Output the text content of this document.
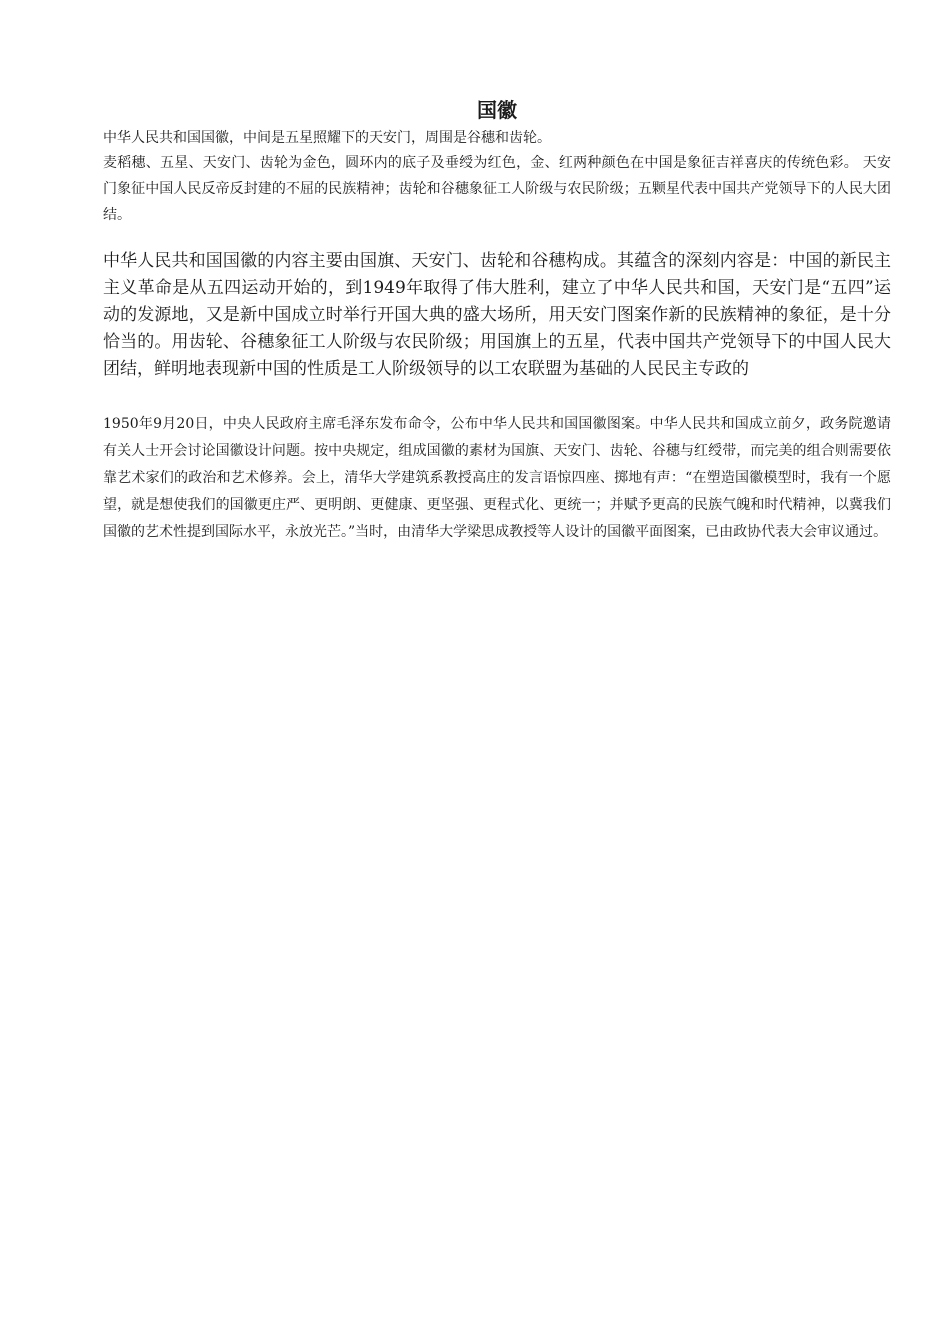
国徽

中华人民共和国国徽，中间是五星照耀下的天安门，周围是谷穗和齿轮。

麦稻穗、五星、天安门、齿轮为金色，圆环内的底子及垂绶为红色，金、红两种颜色在中国是象征吉祥喜庆的传统色彩。 天安门象征中国人民反帝反封建的不屈的民族精神；齿轮和谷穗象征工人阶级与农民阶级；五颗星代表中国共产党领导下的人民大团结。

中华人民共和国国徽的内容主要由国旗、天安门、齿轮和谷穗构成。其蕴含的深刻内容是：中国的新民主主义革命是从五四运动开始的，到1949年取得了伟大胜利，建立了中华人民共和国，天安门是“五四”运动的发源地，又是新中国成立时举行开国大典的盛大场所，用天安门图案作新的民族精神的象征，是十分恰当的。用齿轮、谷穗象征工人阶级与农民阶级；用国旗上的五星，代表中国共产党领导下的中国人民大团结，鲜明地表现新中国的性质是工人阶级领导的以工农联盟为基础的人民民主专政的

1950年9月20日，中央人民政府主席毛泽东发布命令，公布中华人民共和国国徽图案。中华人民共和国成立前夕，政务院邀请有关人士开会讨论国徽设计问题。按中央规定，组成国徽的素材为国旗、天安门、齿轮、谷穗与红绶带，而完美的组合则需要依靠艺术家们的政治和艺术修养。会上，清华大学建筑系教授高庄的发言语惊四座、掷地有声：“在塑造国徽模型时，我有一个愿望，就是想使我们的国徽更庄严、更明朗、更健康、更坚强、更程式化、更统一；并赋予更高的民族气魄和时代精神，以冀我们国徽的艺术性提到国际水平，永放光芒。”当时，由清华大学梁思成教授等人设计的国徽平面图案，已由政协代表大会审议通过。
